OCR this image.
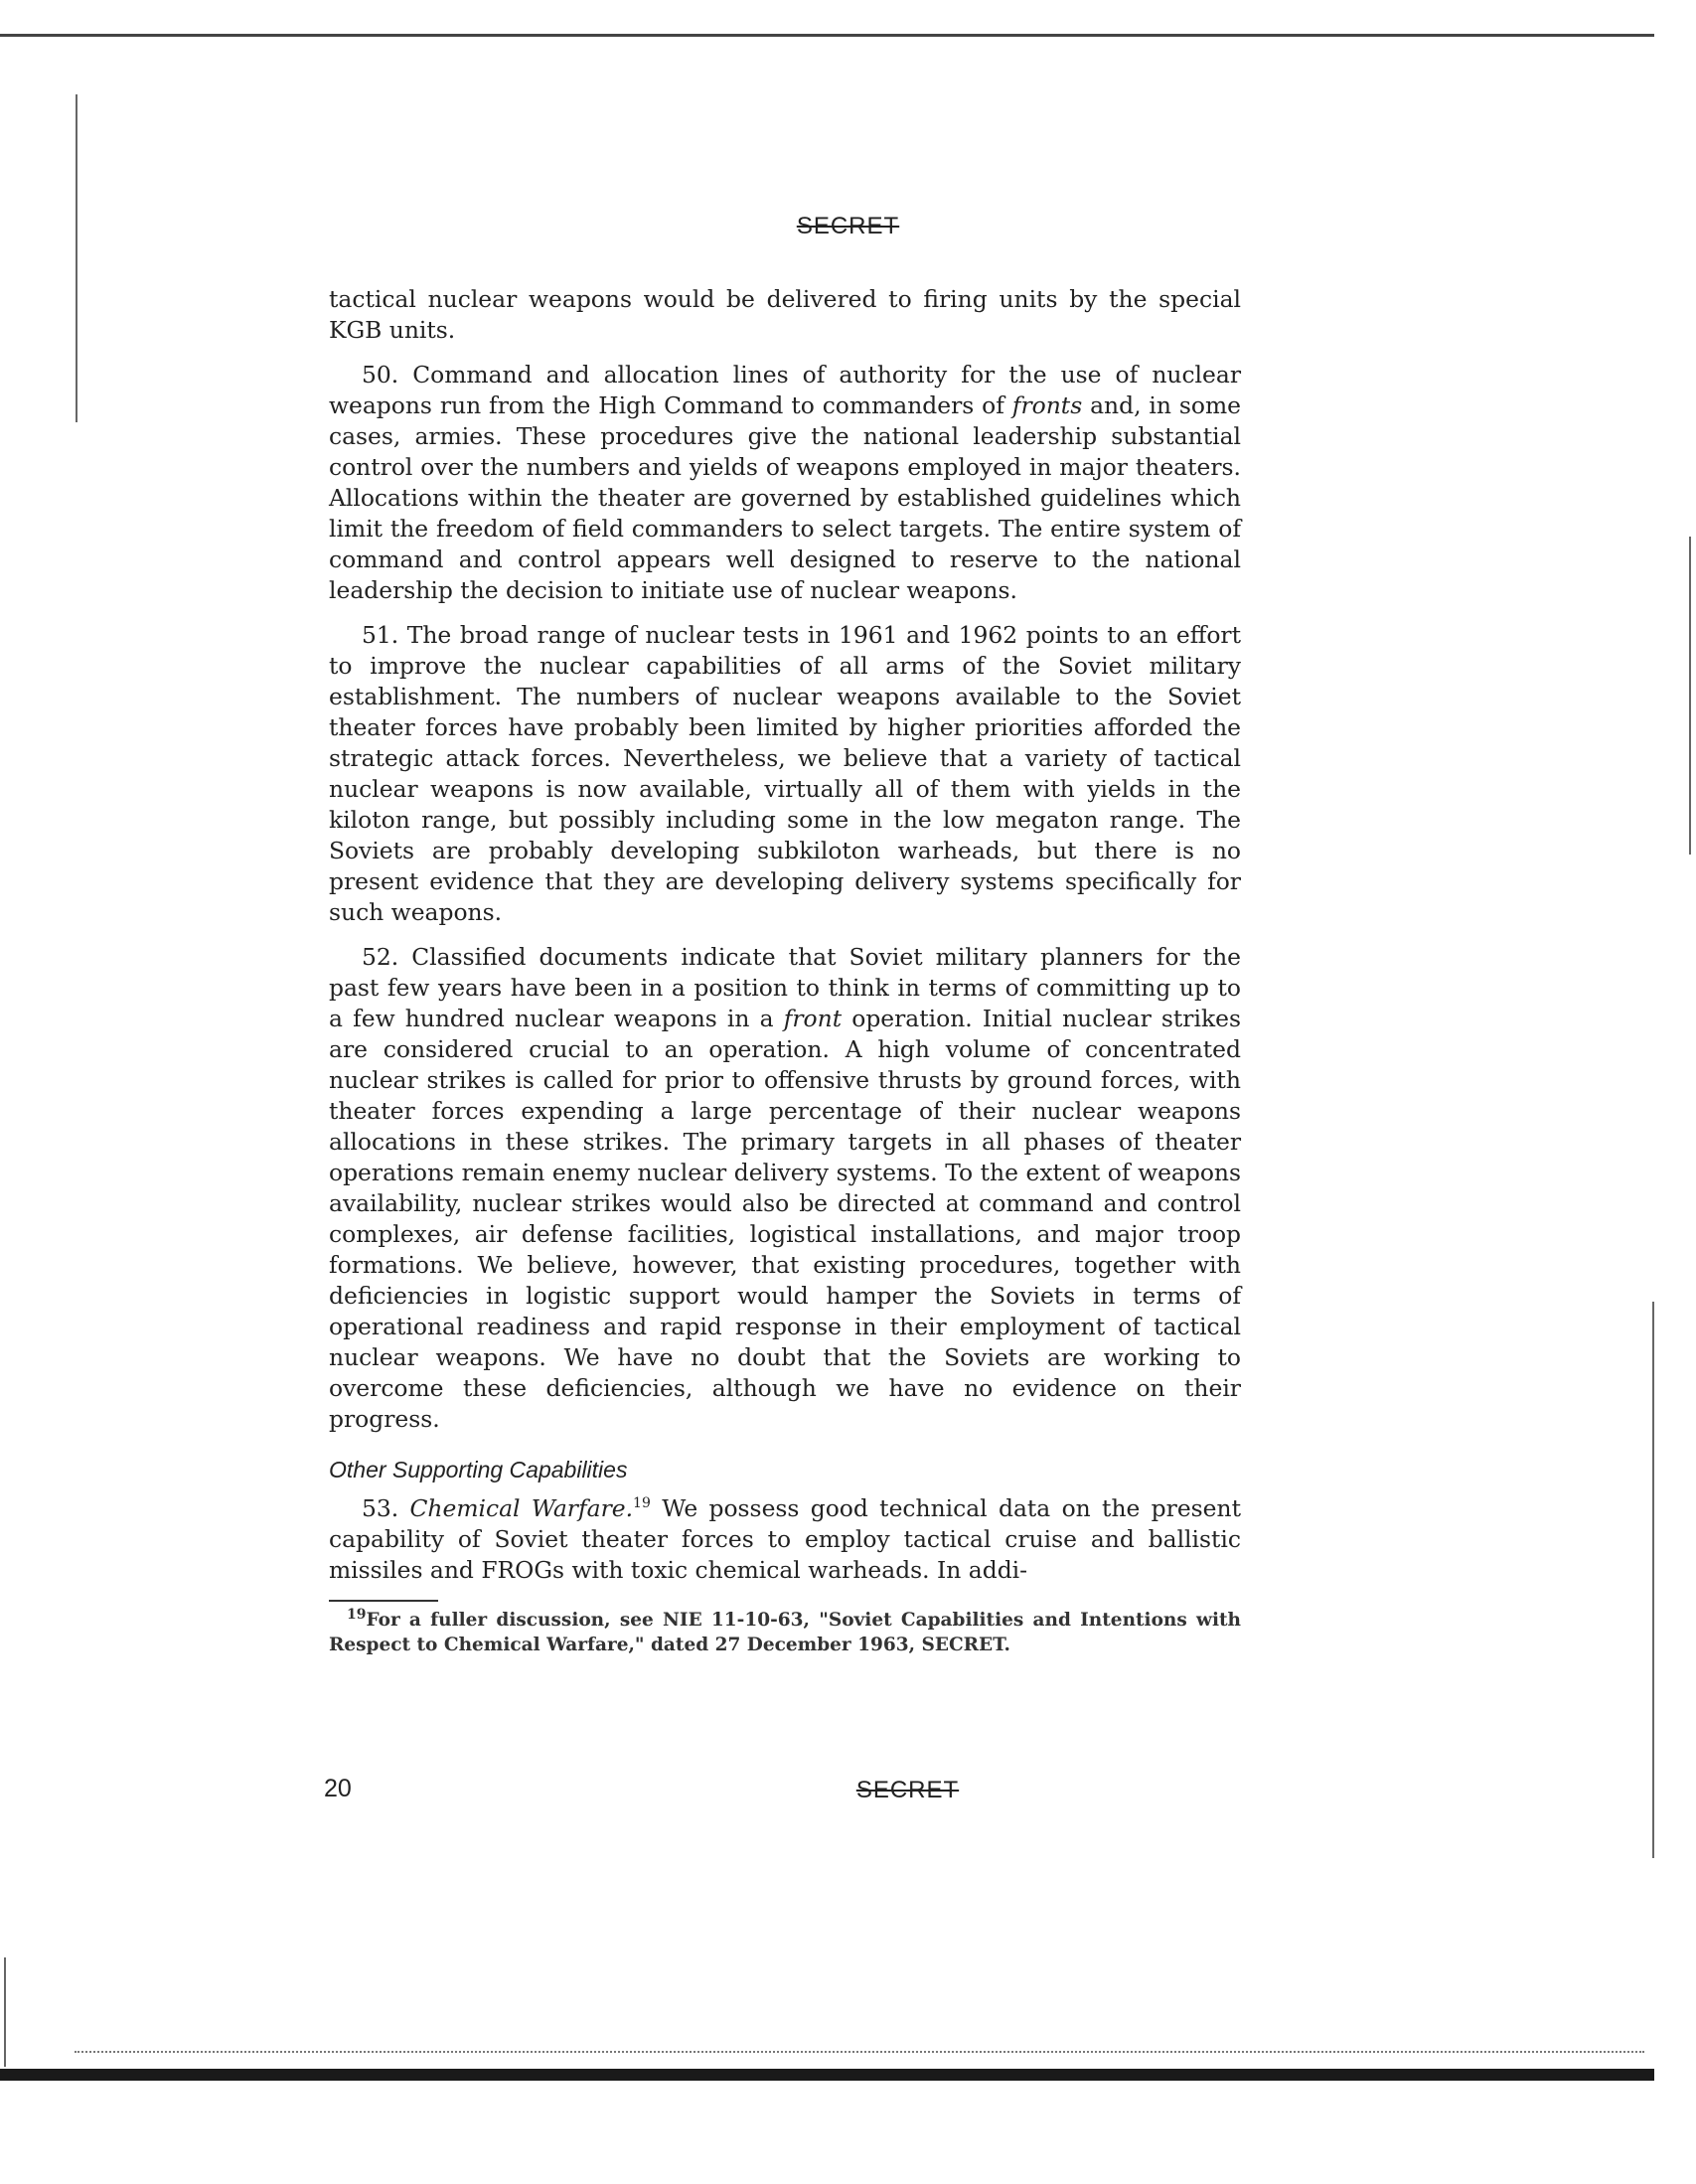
SECRET

tactical nuclear weapons would be delivered to firing units by the special KGB units.

50. Command and allocation lines of authority for the use of nuclear weapons run from the High Command to commanders of fronts and, in some cases, armies. These procedures give the national leadership substantial control over the numbers and yields of weapons employed in major theaters. Allocations within the theater are governed by established guidelines which limit the freedom of field commanders to select targets. The entire system of command and control appears well designed to reserve to the national leadership the decision to initiate use of nuclear weapons.

51. The broad range of nuclear tests in 1961 and 1962 points to an effort to improve the nuclear capabilities of all arms of the Soviet military establishment. The numbers of nuclear weapons available to the Soviet theater forces have probably been limited by higher priorities afforded the strategic attack forces. Nevertheless, we believe that a variety of tactical nuclear weapons is now available, virtually all of them with yields in the kiloton range, but possibly including some in the low megaton range. The Soviets are probably developing subkiloton warheads, but there is no present evidence that they are developing delivery systems specifically for such weapons.

52. Classified documents indicate that Soviet military planners for the past few years have been in a position to think in terms of committing up to a few hundred nuclear weapons in a front operation. Initial nuclear strikes are considered crucial to an operation. A high volume of concentrated nuclear strikes is called for prior to offensive thrusts by ground forces, with theater forces expending a large percentage of their nuclear weapons allocations in these strikes. The primary targets in all phases of theater operations remain enemy nuclear delivery systems. To the extent of weapons availability, nuclear strikes would also be directed at command and control complexes, air defense facilities, logistical installations, and major troop formations. We believe, however, that existing procedures, together with deficiencies in logistic support would hamper the Soviets in terms of operational readiness and rapid response in their employment of tactical nuclear weapons. We have no doubt that the Soviets are working to overcome these deficiencies, although we have no evidence on their progress.

Other Supporting Capabilities

53. Chemical Warfare.$^{19}$ We possess good technical data on the present capability of Soviet theater forces to employ tactical cruise and ballistic missiles and FROGs with toxic chemical warheads. In addi-

$^{19}$For a fuller discussion, see NIE 11-10-63, "Soviet Capabilities and Intentions with Respect to Chemical Warfare," dated 27 December 1963, SECRET.
20	SECRET
